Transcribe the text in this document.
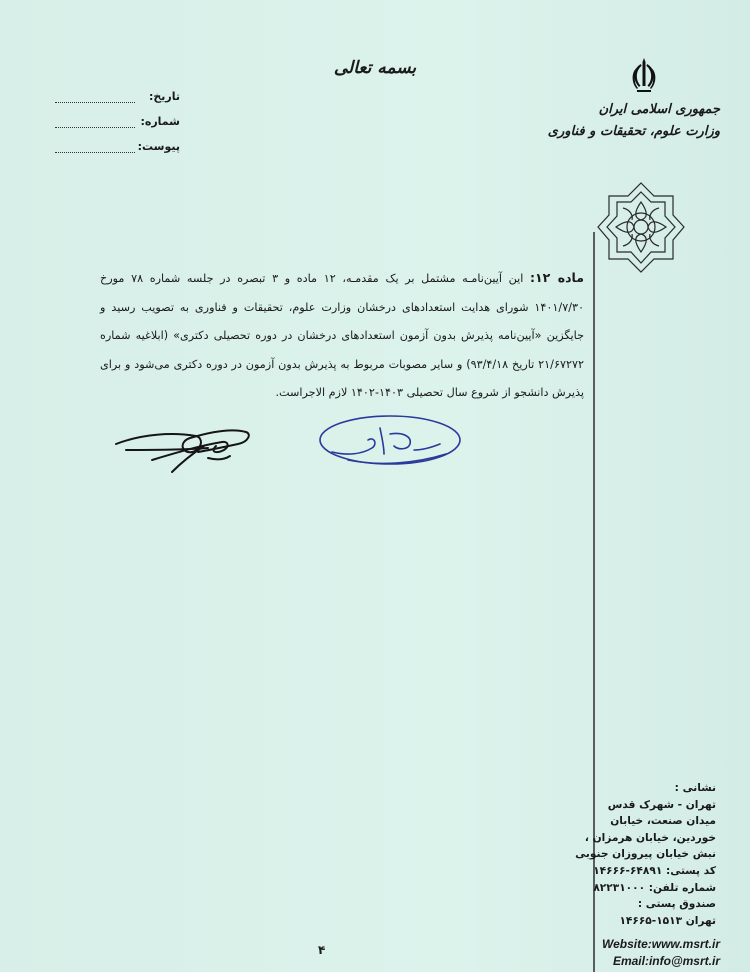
بسمه تعالی
تاریخ:
شماره:
پیوست:
جمهوری اسلامی ایران
وزارت علوم، تحقیقات و فناوری
ماده ۱۲: این آیین‌نامـه مشتمل بر یک مقدمـه، ۱۲ ماده و ۳ تبصره در جلسه شماره ۷۸ مورخ ۱۴۰۱/۷/۳۰ شورای هدایت استعدادهای درخشان وزارت علوم، تحقیقات و فناوری به تصویب رسید و جایگزین «آیین‌نامه پذیرش بدون آزمون استعدادهای درخشان در دوره تحصیلی دکتری» (ابلاغیه شماره ۲۱/۶۷۲۷۲ تاریخ ۹۳/۴/۱۸) و سایر مصوبات مربوط به پذیرش بدون آزمون در دوره دکتری می‌شود و برای پذیرش دانشجو از شروع سال تحصیلی ۱۴۰۳-۱۴۰۲ لازم الاجراست.
نشانی :
تهران - شهرک قدس
میدان صنعت، خیابان
خوردین، خیابان هرمزان ،
نبش خیابان پیروزان جنوبی
کد پستی: ۶۴۸۹۱-۱۴۶۶۶
شماره تلفن: ۸۲۲۳۱۰۰۰
صندوق پستی :
تهران ۱۵۱۳-۱۴۶۶۵
Website:www.msrt.ir
Email:info@msrt.ir
۴
